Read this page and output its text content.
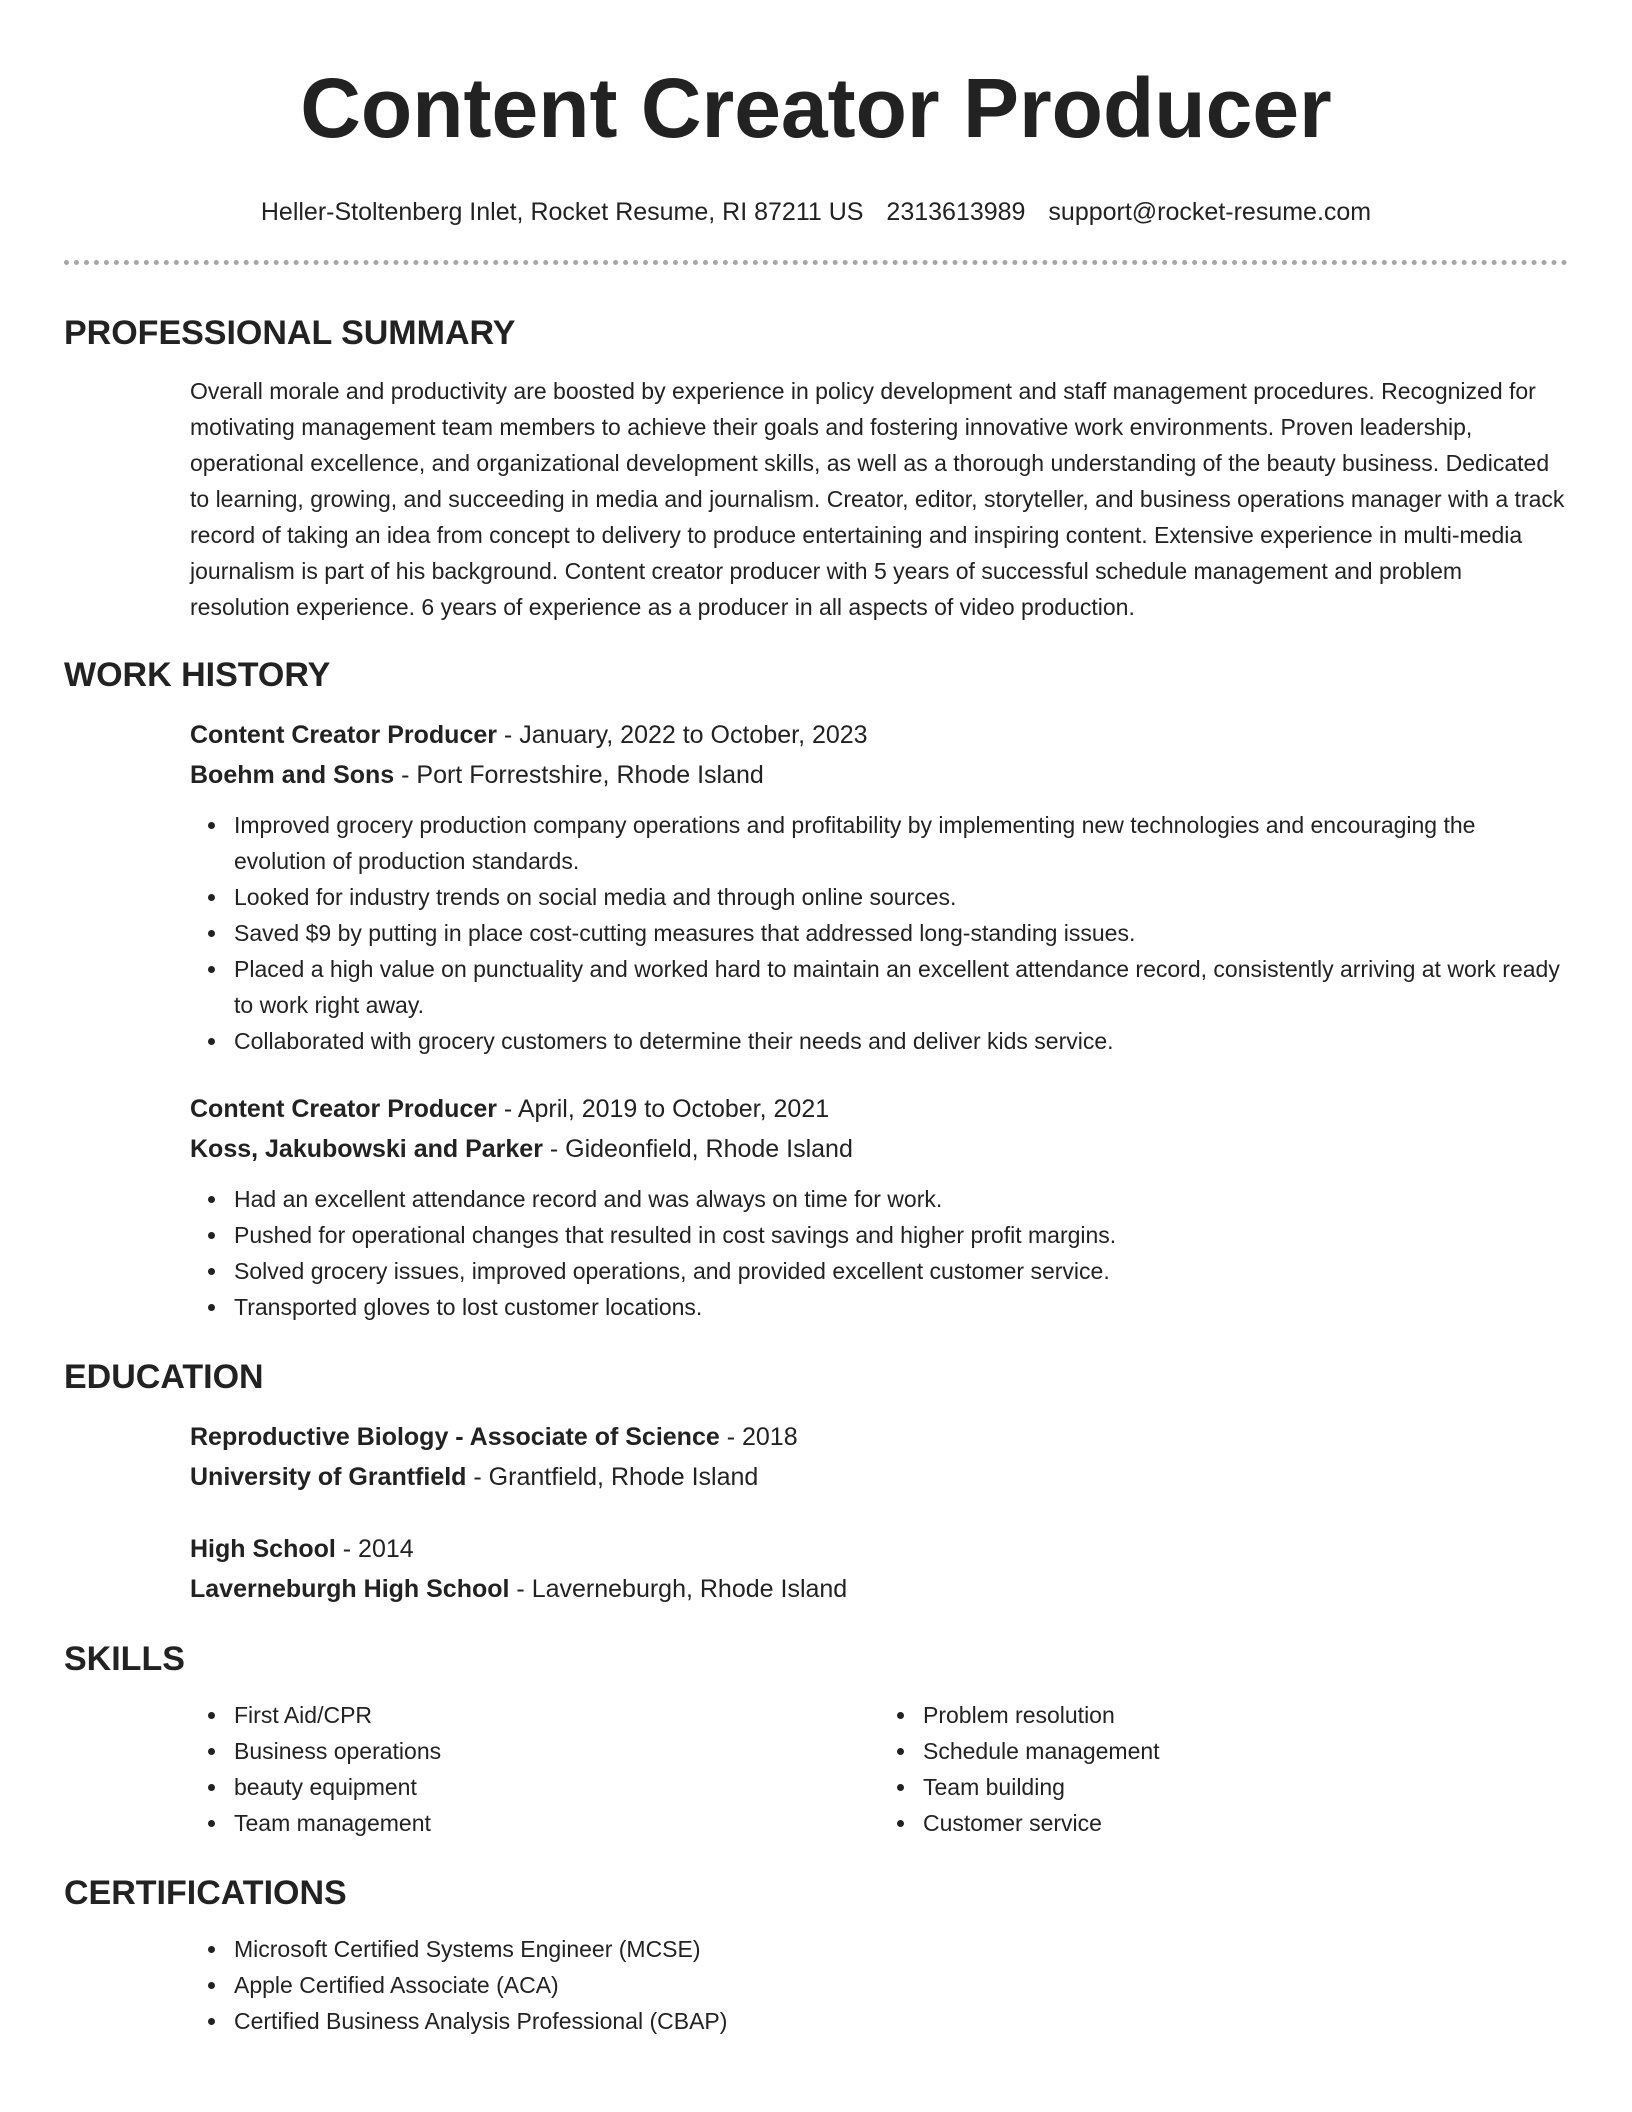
Content Creator Producer
Heller-Stoltenberg Inlet, Rocket Resume, RI 87211 US 2313613989 support@rocket-resume.com
PROFESSIONAL SUMMARY

Overall morale and productivity are boosted by experience in policy development and staff management procedures. Recognized for motivating management team members to achieve their goals and fostering innovative work environments. Proven leadership, operational excellence, and organizational development skills, as well as a thorough understanding of the beauty business. Dedicated to learning, growing, and succeeding in media and journalism. Creator, editor, storyteller, and business operations manager with a track record of taking an idea from concept to delivery to produce entertaining and inspiring content. Extensive experience in multi-media journalism is part of his background. Content creator producer with 5 years of successful schedule management and problem resolution experience. 6 years of experience as a producer in all aspects of video production.

WORK HISTORY
Content Creator Producer - January, 2022 to October, 2023
Boehm and Sons - Port Forrestshire, Rhode Island
Improved grocery production company operations and profitability by implementing new technologies and encouraging the evolution of production standards.
Looked for industry trends on social media and through online sources.
Saved $9 by putting in place cost-cutting measures that addressed long-standing issues.
Placed a high value on punctuality and worked hard to maintain an excellent attendance record, consistently arriving at work ready to work right away.
Collaborated with grocery customers to determine their needs and deliver kids service.
Content Creator Producer - April, 2019 to October, 2021
Koss, Jakubowski and Parker - Gideonfield, Rhode Island
Had an excellent attendance record and was always on time for work.
Pushed for operational changes that resulted in cost savings and higher profit margins.
Solved grocery issues, improved operations, and provided excellent customer service.
Transported gloves to lost customer locations.
EDUCATION
Reproductive Biology - Associate of Science - 2018
University of Grantfield - Grantfield, Rhode Island
High School - 2014
Laverneburgh High School - Laverneburgh, Rhode Island
SKILLS
First Aid/CPR
Business operations
beauty equipment
Team management
Problem resolution
Schedule management
Team building
Customer service
CERTIFICATIONS
Microsoft Certified Systems Engineer (MCSE)
Apple Certified Associate (ACA)
Certified Business Analysis Professional (CBAP)
